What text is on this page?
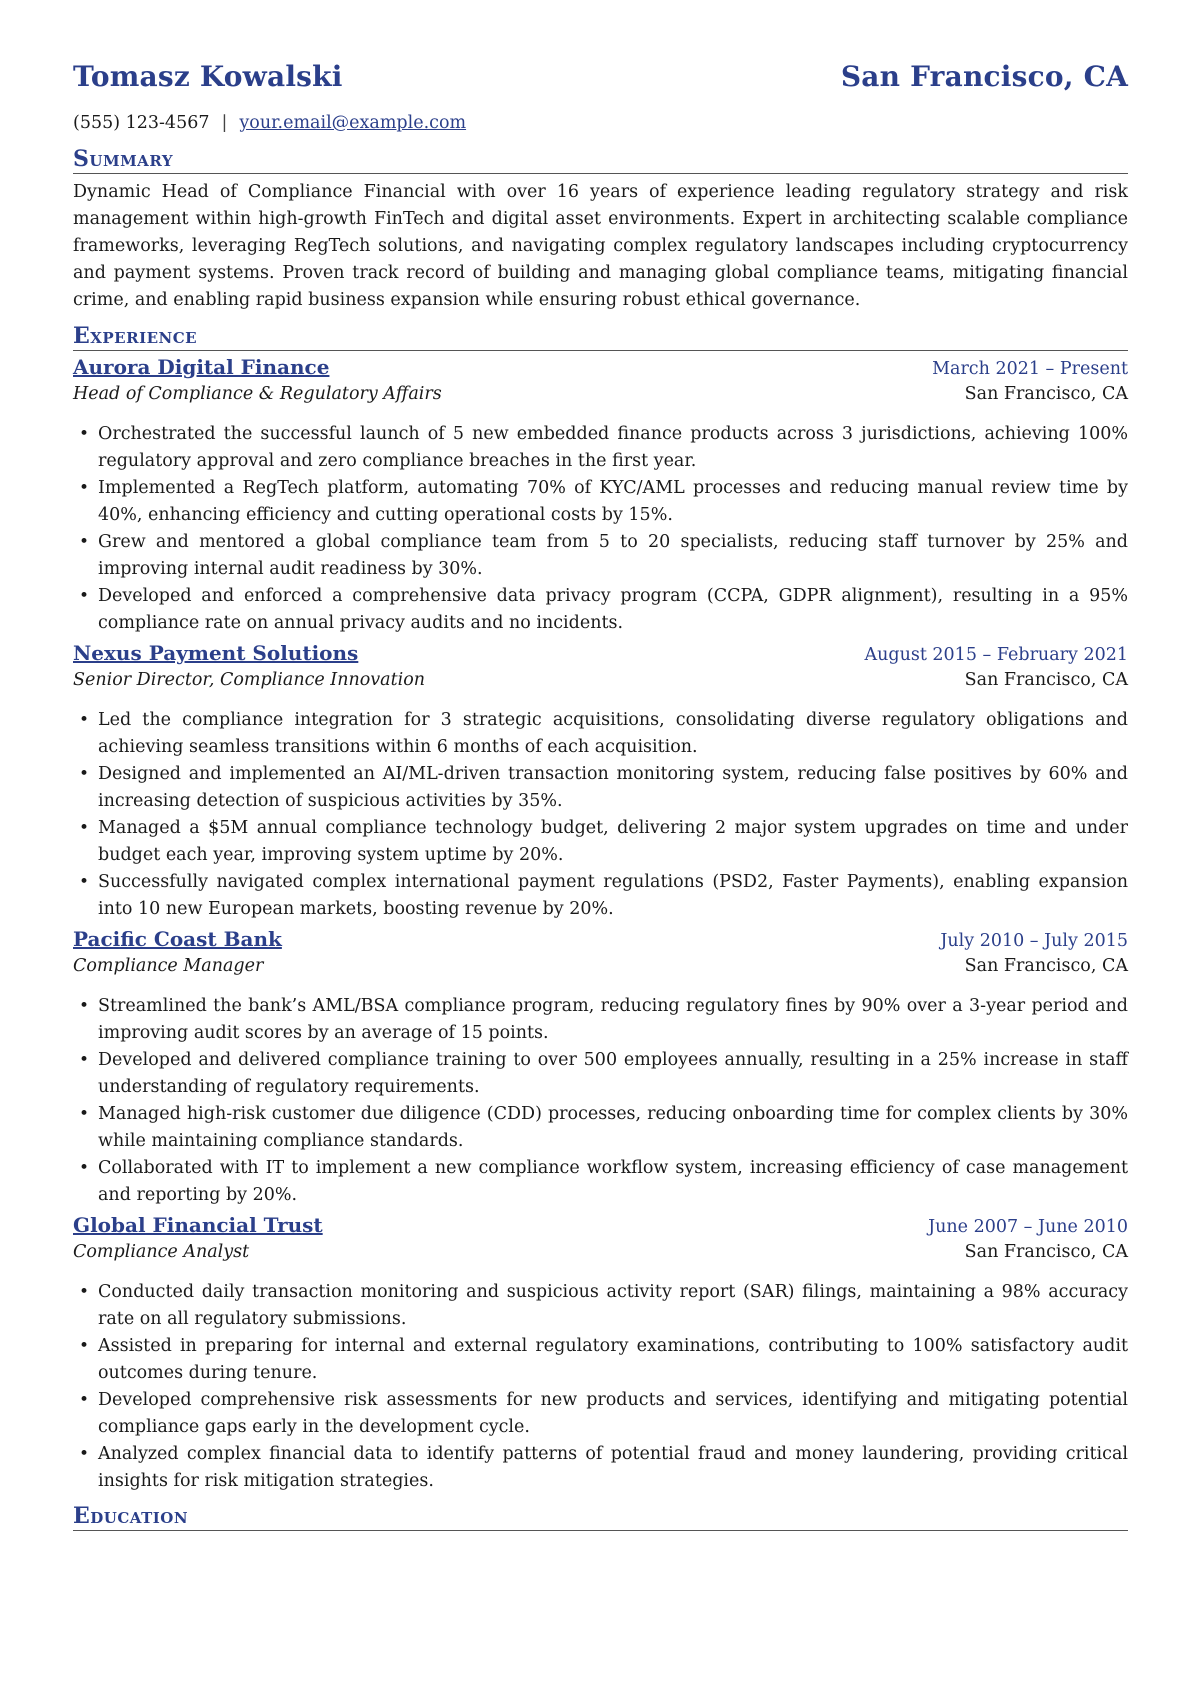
Tomasz Kowalski	San Francisco, CA
(555) 123-4567 | your.email@example.com
Summary
Dynamic Head of Compliance Financial with over 16 years of experience leading regulatory strategy and risk management within high-growth FinTech and digital asset environments. Expert in architecting scalable compliance frameworks, leveraging RegTech solutions, and navigating complex regulatory landscapes including cryptocurrency and payment systems. Proven track record of building and managing global compliance teams, mitigating financial crime, and enabling rapid business expansion while ensuring robust ethical governance.
Experience
Aurora Digital Finance	March 2021 – Present
Head of Compliance & Regulatory Affairs	San Francisco, CA
• Orchestrated the successful launch of 5 new embedded finance products across 3 jurisdictions, achieving 100% regulatory approval and zero compliance breaches in the first year.
• Implemented a RegTech platform, automating 70% of KYC/AML processes and reducing manual review time by 40%, enhancing efficiency and cutting operational costs by 15%.
• Grew and mentored a global compliance team from 5 to 20 specialists, reducing staff turnover by 25% and improving internal audit readiness by 30%.
• Developed and enforced a comprehensive data privacy program (CCPA, GDPR alignment), resulting in a 95% compliance rate on annual privacy audits and no incidents.
Nexus Payment Solutions	August 2015 – February 2021
Senior Director, Compliance Innovation	San Francisco, CA
• Led the compliance integration for 3 strategic acquisitions, consolidating diverse regulatory obligations and achieving seamless transitions within 6 months of each acquisition.
• Designed and implemented an AI/ML-driven transaction monitoring system, reducing false positives by 60% and increasing detection of suspicious activities by 35%.
• Managed a $5M annual compliance technology budget, delivering 2 major system upgrades on time and under budget each year, improving system uptime by 20%.
• Successfully navigated complex international payment regulations (PSD2, Faster Payments), enabling expansion into 10 new European markets, boosting revenue by 20%.
Pacific Coast Bank	July 2010 – July 2015
Compliance Manager	San Francisco, CA
• Streamlined the bank’s AML/BSA compliance program, reducing regulatory fines by 90% over a 3-year period and improving audit scores by an average of 15 points.
• Developed and delivered compliance training to over 500 employees annually, resulting in a 25% increase in staff understanding of regulatory requirements.
• Managed high-risk customer due diligence (CDD) processes, reducing onboarding time for complex clients by 30% while maintaining compliance standards.
• Collaborated with IT to implement a new compliance workflow system, increasing efficiency of case management and reporting by 20%.
Global Financial Trust	June 2007 – June 2010
Compliance Analyst	San Francisco, CA
• Conducted daily transaction monitoring and suspicious activity report (SAR) filings, maintaining a 98% accuracy rate on all regulatory submissions.
• Assisted in preparing for internal and external regulatory examinations, contributing to 100% satisfactory audit outcomes during tenure.
• Developed comprehensive risk assessments for new products and services, identifying and mitigating potential compliance gaps early in the development cycle.
• Analyzed complex financial data to identify patterns of potential fraud and money laundering, providing critical insights for risk mitigation strategies.
Education
